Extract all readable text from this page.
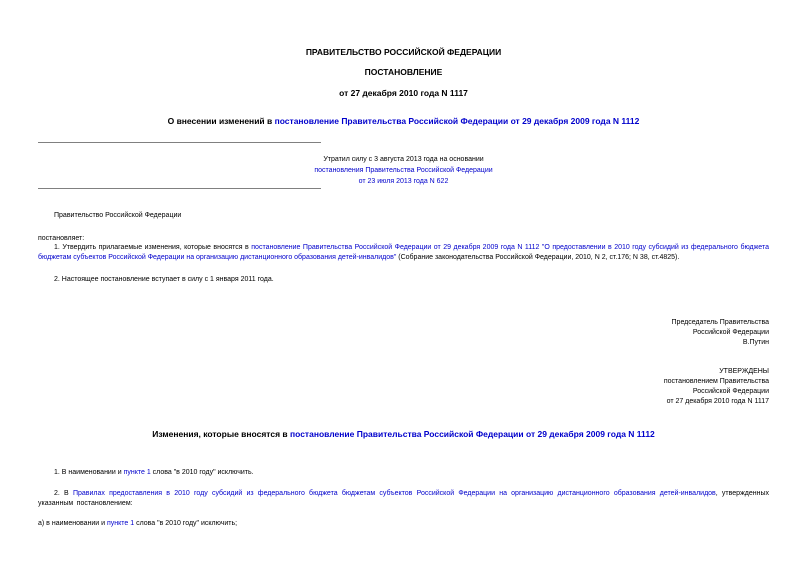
ПРАВИТЕЛЬСТВО РОССИЙСКОЙ ФЕДЕРАЦИИ
ПОСТАНОВЛЕНИЕ
от 27 декабря 2010 года N 1117
О внесении изменений в постановление Правительства Российской Федерации от 29 декабря 2009 года N 1112
Утратил силу с 3 августа 2013 года на основании
постановления Правительства Российской Федерации
от 23 июля 2013 года N 622
Правительство Российской Федерации
постановляет:
1. Утвердить прилагаемые изменения, которые вносятся в постановление Правительства Российской Федерации от 29 декабря 2009 года N 1112 "О предоставлении в 2010 году субсидий из федерального бюджета бюджетам субъектов Российской Федерации на организацию дистанционного образования детей-инвалидов" (Собрание законодательства Российской Федерации, 2010, N 2, ст.176; N 38, ст.4825).
2. Настоящее постановление вступает в силу с 1 января 2011 года.
Председатель Правительства
Российской Федерации
В.Путин
УТВЕРЖДЕНЫ
постановлением Правительства
Российской Федерации
от 27 декабря 2010 года N 1117
Изменения, которые вносятся в постановление Правительства Российской Федерации от 29 декабря 2009 года N 1112
1. В наименовании и пункте 1 слова "в 2010 году" исключить.
2. В Правилах предоставления в 2010 году субсидий из федерального бюджета бюджетам субъектов Российской Федерации на организацию дистанционного образования детей-инвалидов, утвержденных указанным постановлением:
а) в наименовании и пункте 1 слова "в 2010 году" исключить;
